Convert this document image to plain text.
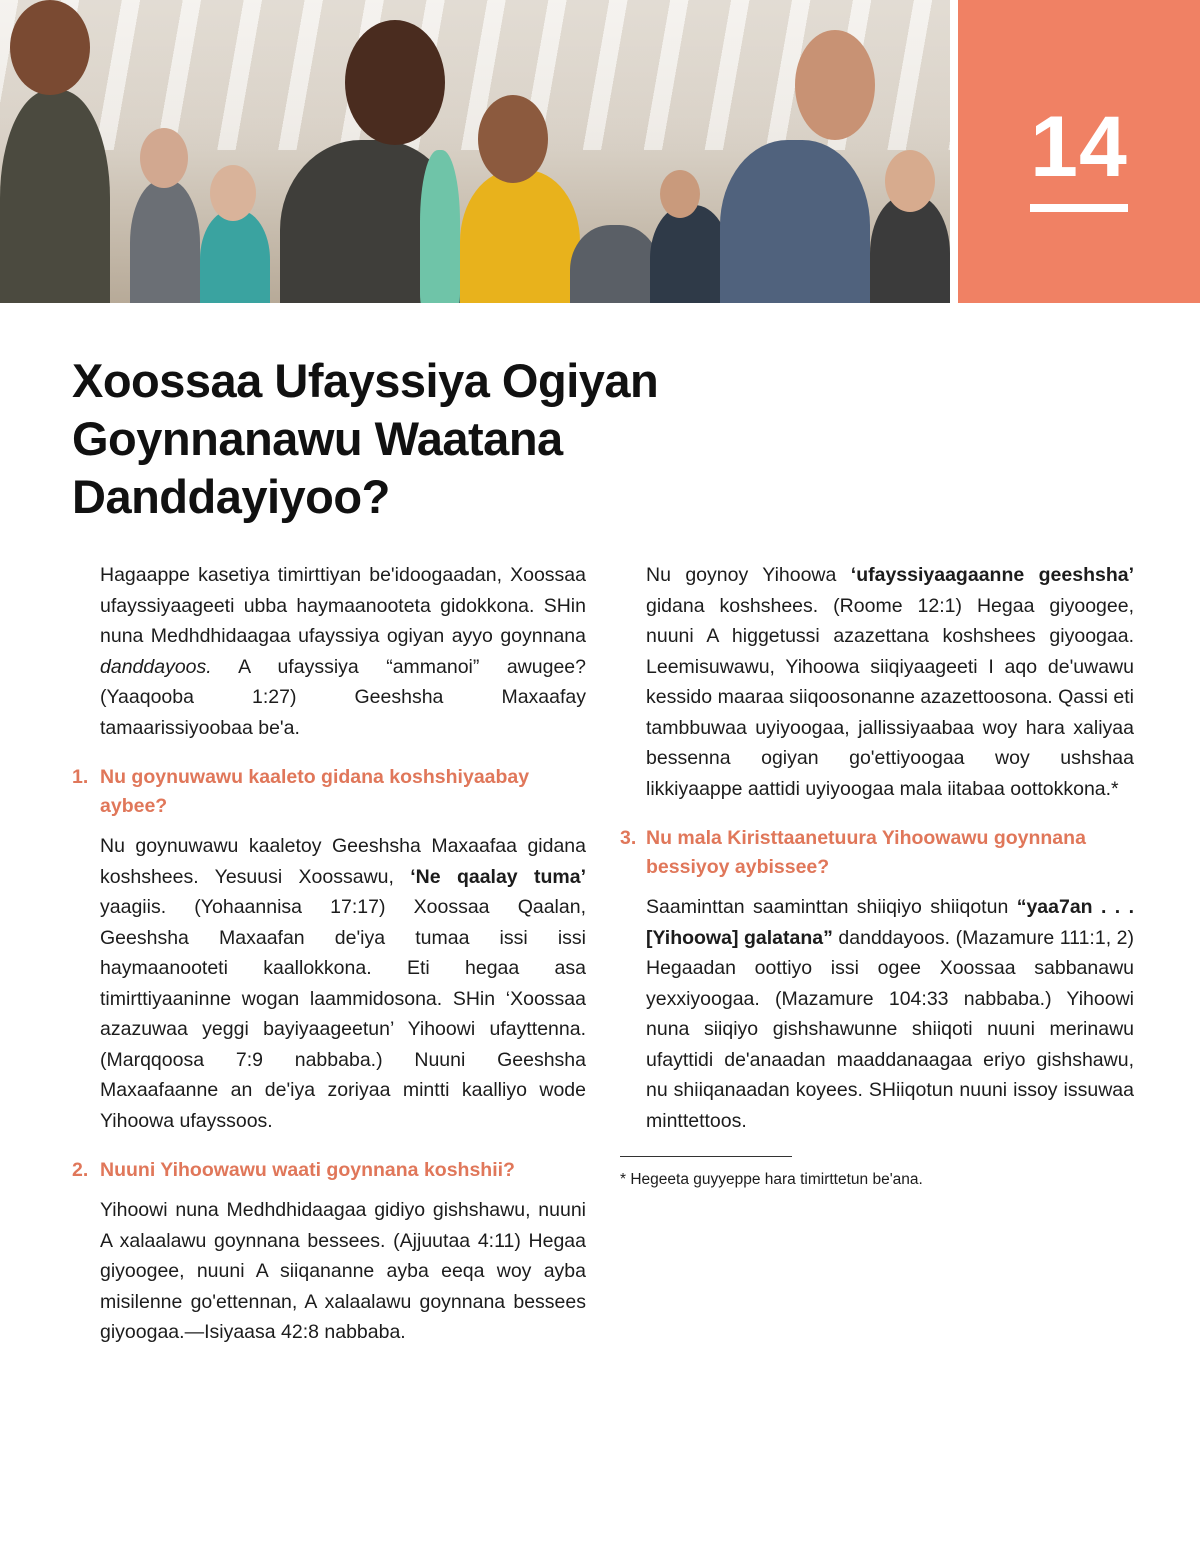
14
Xoossaa Ufayssiya Ogiyan Goynnanawu Waatana Danddayiyoo?

Hagaappe kasetiya timirttiyan be'idoogaadan, Xoossaa ufayssiyaageeti ubba haymaanooteta gidokkona. SHin nuna Medhdhidaagaa ufayssiya ogiyan ayyo goynnana danddayoos. A ufayssiya “ammanoi” awugee? (Yaaqooba 1:27) Geeshsha Maxaafay tamaarissiyoobaa be'a.

1. Nu goynuwawu kaaleto gidana koshshiyaabay aybee?

Nu goynuwawu kaaletoy Geeshsha Maxaafaa gidana koshshees. Yesuusi Xoossawu, ‘Ne qaalay tuma’ yaagiis. (Yohaannisa 17:17) Xoossaa Qaalan, Geeshsha Maxaafan de'iya tumaa issi issi haymaanooteti kaallokkona. Eti hegaa asa timirttiyaaninne wogan laammidosona. SHin ‘Xoossaa azazuwaa yeggi bayiyaageetun’ Yihoowi ufayttenna. (Marqqoosa 7:9 nabbaba.) Nuuni Geeshsha Maxaafaanne an de'iya zoriyaa mintti kaalliyo wode Yihoowa ufayssoos.

2. Nuuni Yihoowawu waati goynnana koshshii?

Yihoowi nuna Medhdhidaagaa gidiyo gishshawu, nuuni A xalaalawu goynnana bessees. (Ajjuutaa 4:11) Hegaa giyoogee, nuuni A siiqananne ayba eeqa woy ayba misilenne go'ettennan, A xalaalawu goynnana bessees giyoogaa.—Isiyaasa 42:8 nabbaba.

Nu goynoy Yihoowa ‘ufayssiyaagaanne geeshsha’ gidana koshshees. (Roome 12:1) Hegaa giyoogee, nuuni A higgetussi azazettana koshshees giyoogaa. Leemisuwawu, Yihoowa siiqiyaageeti I aqo de'uwawu kessido maaraa siiqoosonanne azazettoosona. Qassi eti tambbuwaa uyiyoogaa, jallissiyaabaa woy hara xaliyaa bessenna ogiyan go'ettiyoogaa woy ushshaa likkiyaappe aattidi uyiyoogaa mala iitabaa oottokkona.*

3. Nu mala Kiristtaanetuura Yihoowawu goynnana bessiyoy aybissee?

Saaminttan saaminttan shiiqiyo shiiqotun “yaa7an . . . [Yihoowa] galatana” danddayoos. (Mazamure 111:1, 2) Hegaadan oottiyo issi ogee Xoossaa sabbanawu yexxiyoogaa. (Mazamure 104:33 nabbaba.) Yihoowi nuna siiqiyo gishshawunne shiiqoti nuuni merinawu ufayttidi de'anaadan maaddanaagaa eriyo gishshawu, nu shiiqanaadan koyees. SHiiqotun nuuni issoy issuwaa minttettoos.

* Hegeeta guyyeppe hara timirttetun be'ana.
